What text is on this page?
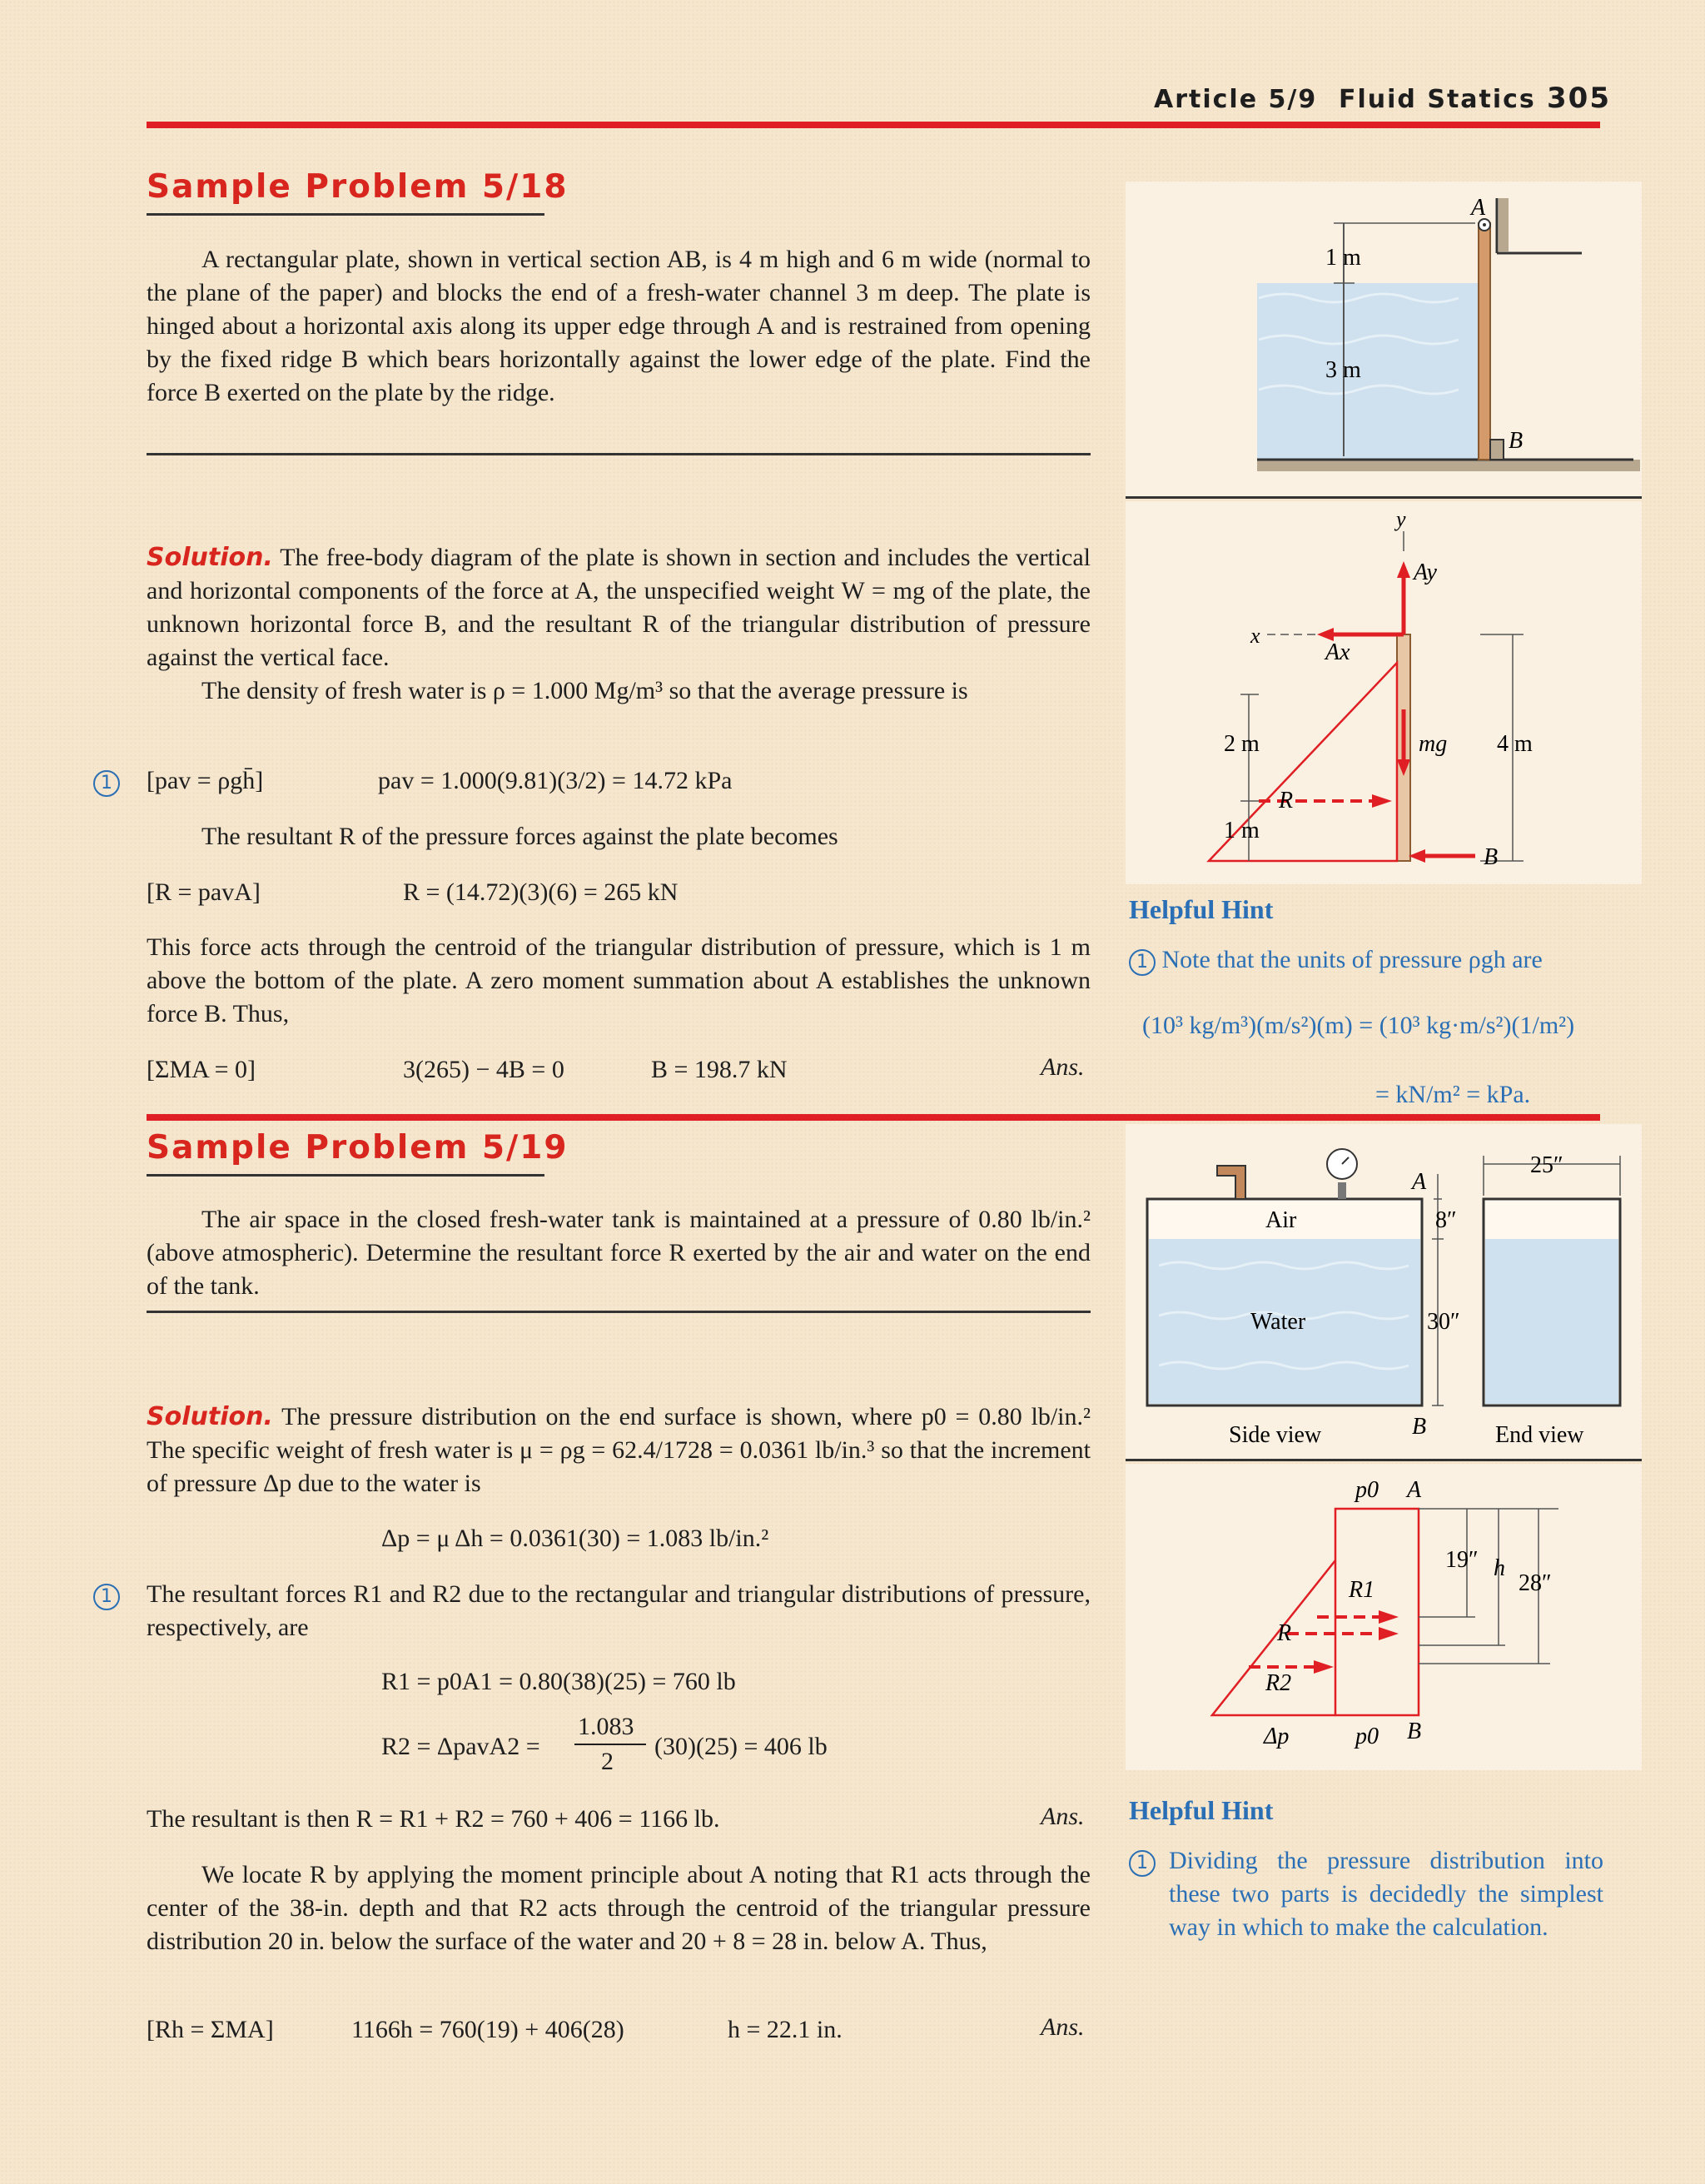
Article 5/9 Fluid Statics 305
Sample Problem 5/18
A rectangular plate, shown in vertical section AB, is 4 m high and 6 m wide (normal to the plane of the paper) and blocks the end of a fresh-water channel 3 m deep. The plate is hinged about a horizontal axis along its upper edge through A and is restrained from opening by the fixed ridge B which bears horizontally against the lower edge of the plate. Find the force B exerted on the plate by the ridge.
Solution. The free-body diagram of the plate is shown in section and includes the vertical and horizontal components of the force at A, the unspecified weight W = mg of the plate, the unknown horizontal force B, and the resultant R of the triangular distribution of pressure against the vertical face.
The density of fresh water is ρ = 1.000 Mg/m³ so that the average pressure is
1	[pav = ρgh̄]	pav = 1.000(9.81)(3/2) = 14.72 kPa
The resultant R of the pressure forces against the plate becomes
[R = pavA]	R = (14.72)(3)(6) = 265 kN
This force acts through the centroid of the triangular distribution of pressure, which is 1 m above the bottom of the plate. A zero moment summation about A establishes the unknown force B. Thus,
[ΣMA = 0]	3(265) − 4B = 0	B = 198.7 kN	Ans.
1 m
3 m
A
B
y
Ay
Ax
x
mg
R
B
2 m
1 m
4 m
Helpful Hint
1 Note that the units of pressure ρgh are
(10³ kg/m³)(m/s²)(m) = (10³ kg·m/s²)(1/m²)
= kN/m² = kPa.
Sample Problem 5/19
The air space in the closed fresh-water tank is maintained at a pressure of 0.80 lb/in.² (above atmospheric). Determine the resultant force R exerted by the air and water on the end of the tank.
Solution. The pressure distribution on the end surface is shown, where p0 = 0.80 lb/in.² The specific weight of fresh water is μ = ρg = 62.4/1728 = 0.0361 lb/in.³ so that the increment of pressure Δp due to the water is
Δp = μ Δh = 0.0361(30) = 1.083 lb/in.²
1	The resultant forces R1 and R2 due to the rectangular and triangular distributions of pressure, respectively, are
R1 = p0A1 = 0.80(38)(25) = 760 lb
R2 = ΔpavA2 =
1.083
2
(30)(25) = 406 lb
The resultant is then R = R1 + R2 = 760 + 406 = 1166 lb.	Ans.
We locate R by applying the moment principle about A noting that R1 acts through the center of the 38-in. depth and that R2 acts through the centroid of the triangular pressure distribution 20 in. below the surface of the water and 20 + 8 = 28 in. below A. Thus,
[Rh = ΣMA]	1166h = 760(19) + 406(28)	h = 22.1 in.	Ans.
Air
Water
Side view	End view
A
B
8″
30″
25″
p0 A
R1
R
R2
Δp	p0 B
19″ h
28″
Helpful Hint
1 Dividing the pressure distribution into these two parts is decidedly the simplest way in which to make the calculation.
